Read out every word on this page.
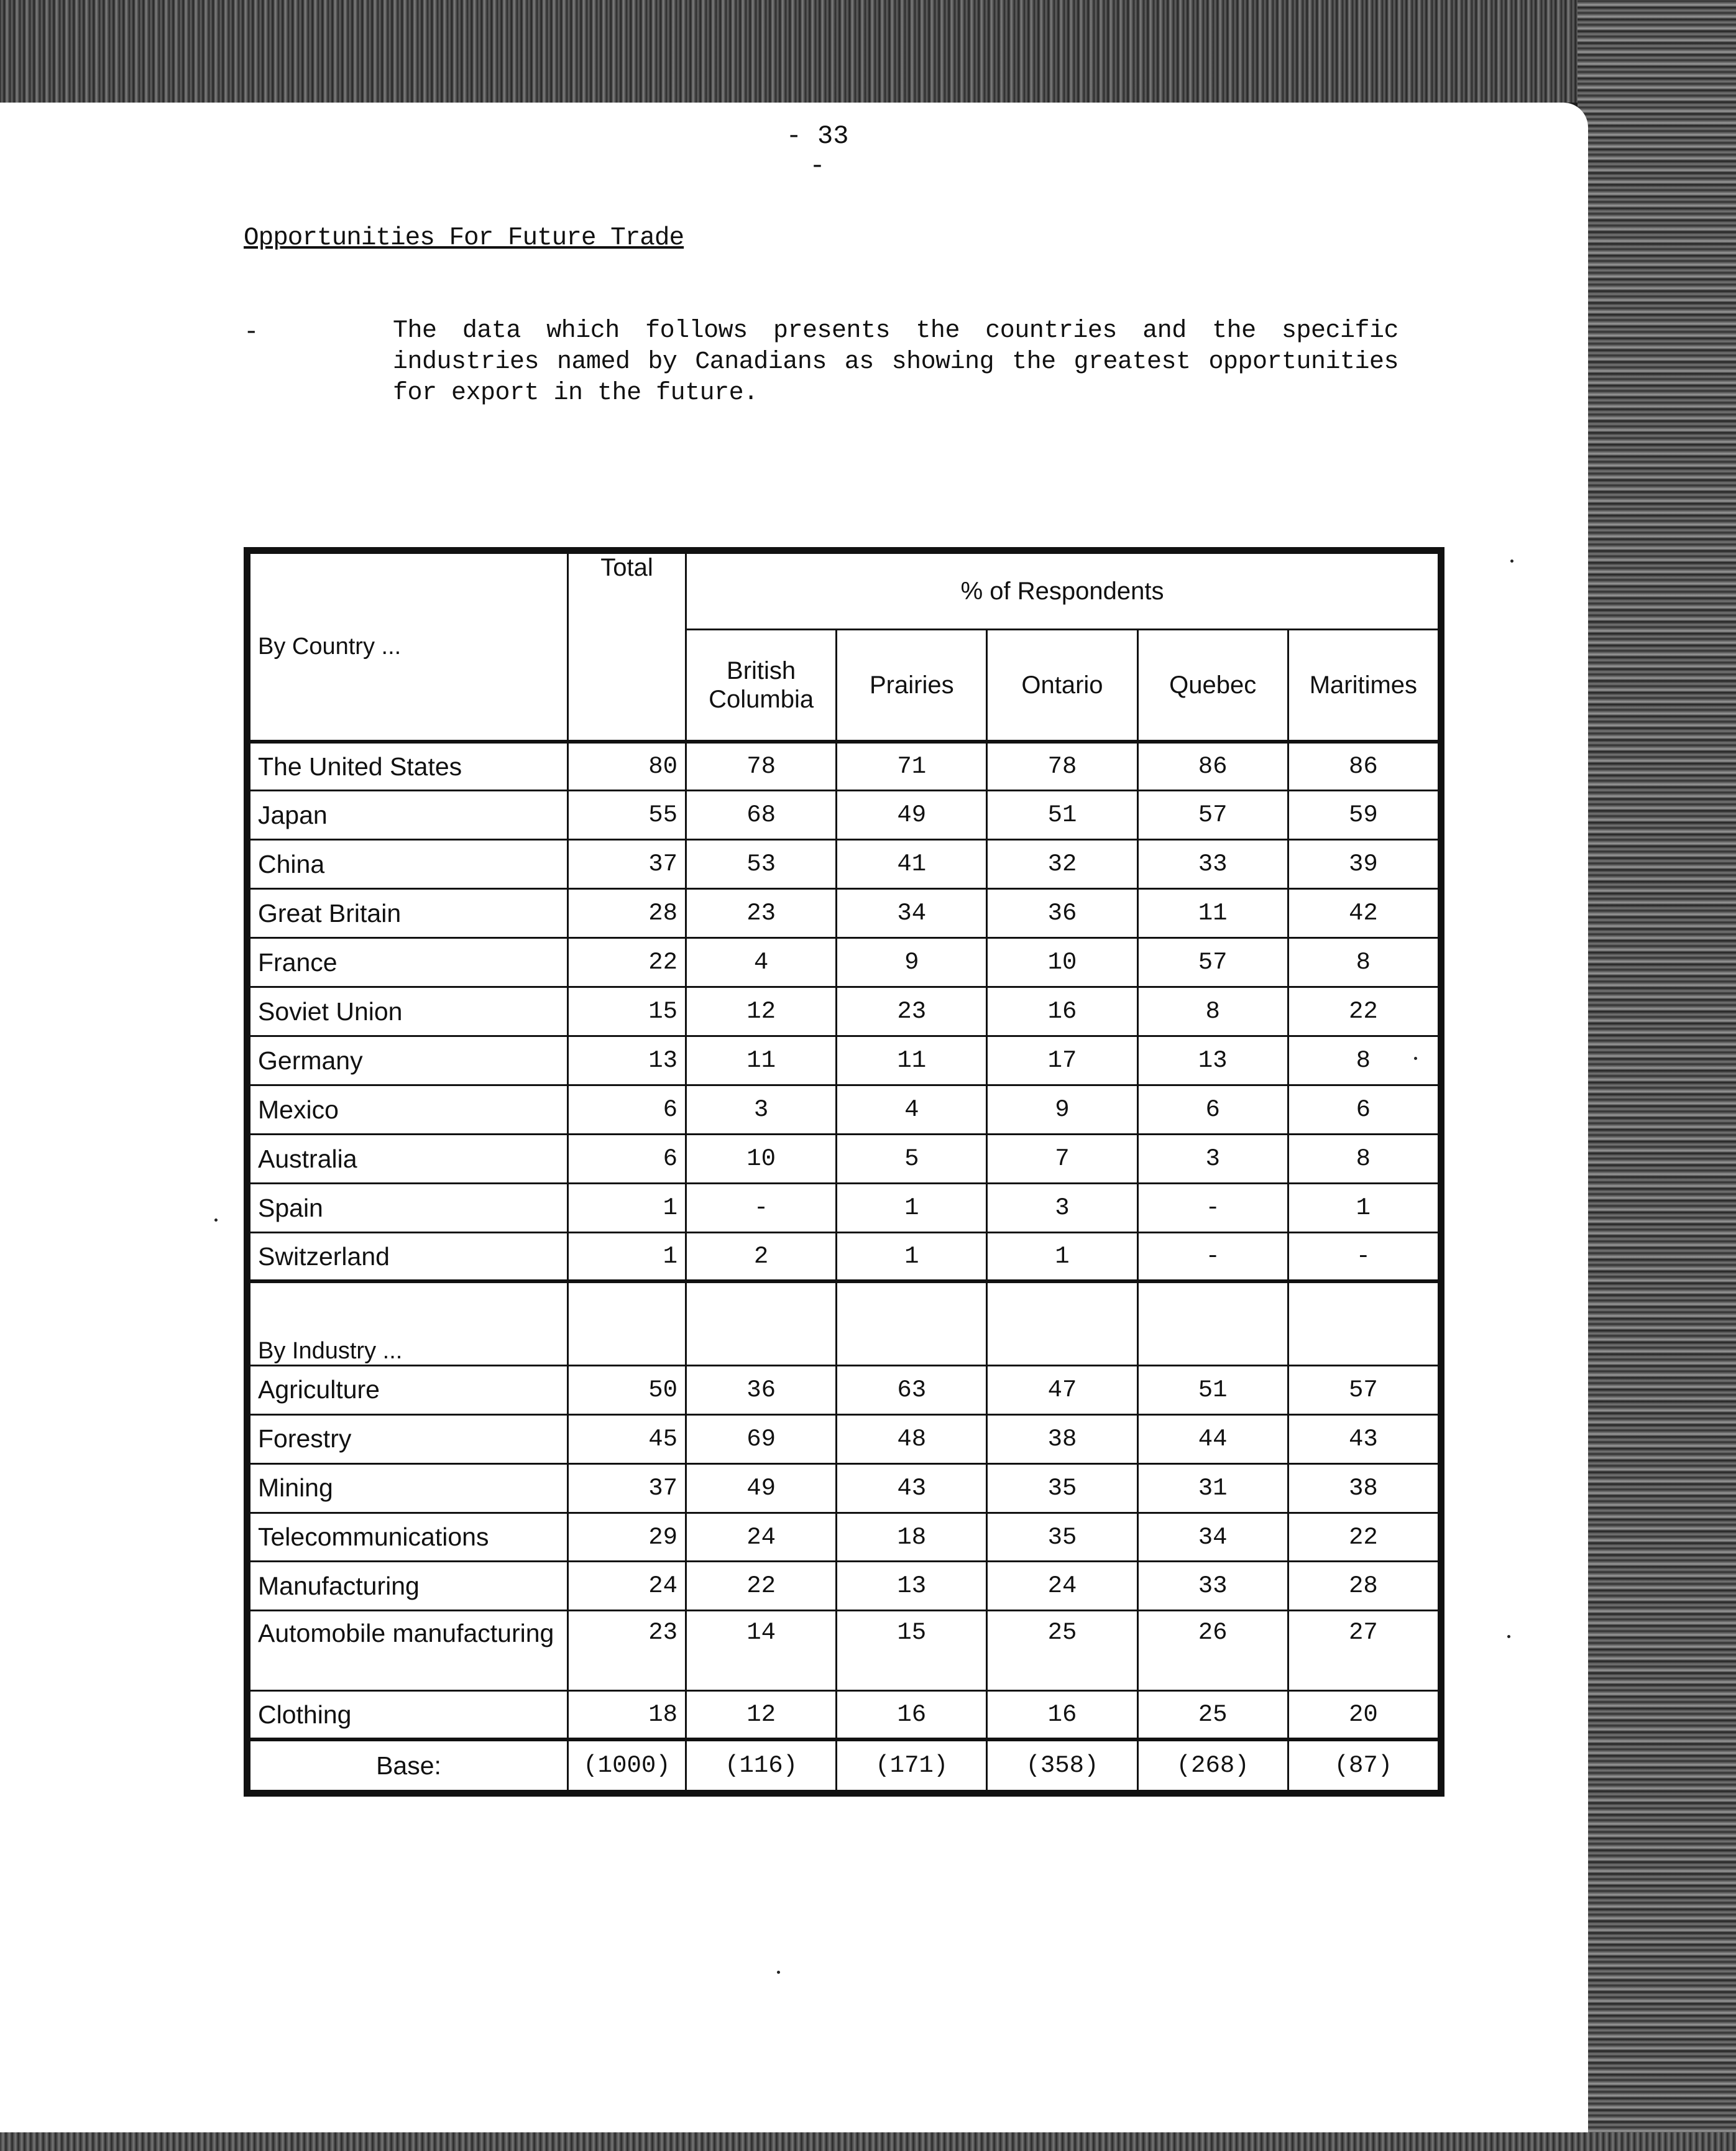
- 33 -
Opportunities For Future Trade
-	The data which follows presents the countries and the specific industries named by Canadians as showing the greatest opportunities for export in the future.
By Country ...	Total	% of Respondents				
		British Columbia	Prairies	Ontario	Quebec	Maritimes
The United States	80	78	71	78	86	86
Japan	55	68	49	51	57	59
China	37	53	41	32	33	39
Great Britain	28	23	34	36	11	42
France	22	4	9	10	57	8
Soviet Union	15	12	23	16	8	22
Germany	13	11	11	17	13	8
Mexico	6	3	4	9	6	6
Australia	6	10	5	7	3	8
Spain	1	-	1	3	-	1
Switzerland	1	2	1	1	-	-
By Industry ...						
Agriculture	50	36	63	47	51	57
Forestry	45	69	48	38	44	43
Mining	37	49	43	35	31	38
Telecommunications	29	24	18	35	34	22
Manufacturing	24	22	13	24	33	28
Automobile manufacturing	23	14	15	25	26	27
Clothing	18	12	16	16	25	20
Base:	(1000)	(116)	(171)	(358)	(268)	(87)
